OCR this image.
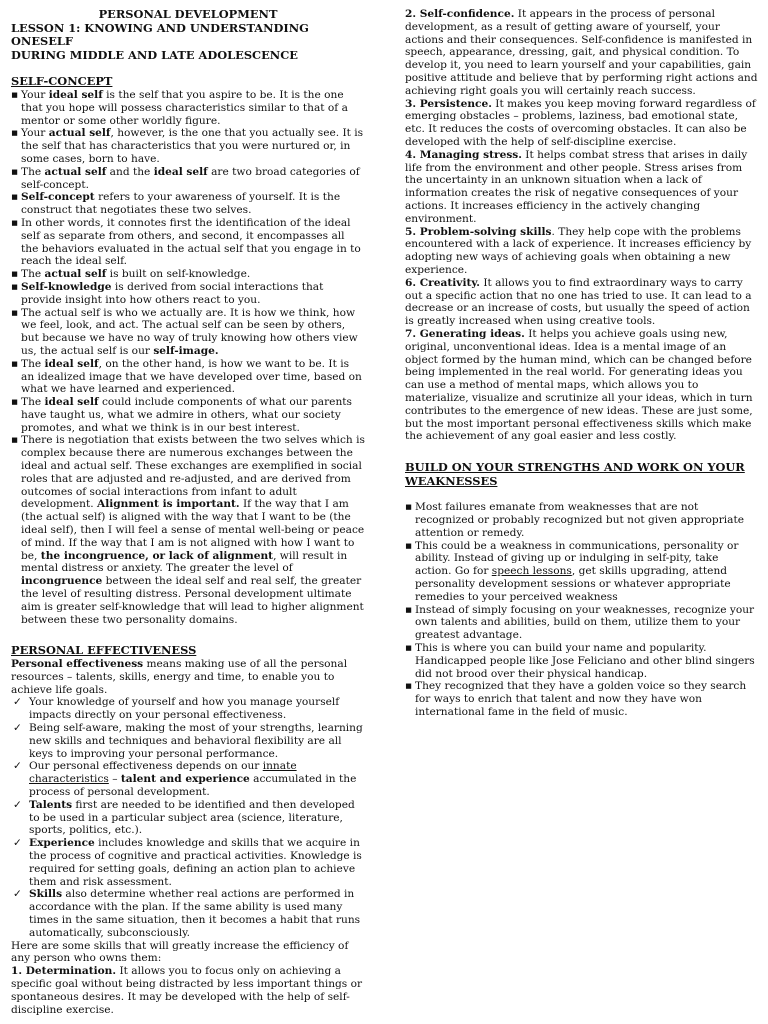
PERSONAL DEVELOPMENT

LESSON 1: KNOWING AND UNDERSTANDING ONESELF

DURING MIDDLE AND LATE ADOLESCENCE

SELF-CONCEPT

▪ Your ideal self is the self that you aspire to be. It is the one that you hope will possess characteristics similar to that of a mentor or some other worldly figure.
▪ Your actual self, however, is the one that you actually see. It is the self that has characteristics that you were nurtured or, in some cases, born to have.
▪ The actual self and the ideal self are two broad categories of self-concept.
▪ Self-concept refers to your awareness of yourself. It is the construct that negotiates these two selves.
▪ In other words, it connotes first the identification of the ideal self as separate from others, and second, it encompasses all the behaviors evaluated in the actual self that you engage in to reach the ideal self.
▪ The actual self is built on self-knowledge.
▪ Self-knowledge is derived from social interactions that provide insight into how others react to you.
▪ The actual self is who we actually are. It is how we think, how we feel, look, and act. The actual self can be seen by others, but because we have no way of truly knowing how others view us, the actual self is our self-image.
▪ The ideal self, on the other hand, is how we want to be. It is an idealized image that we have developed over time, based on what we have learned and experienced.
▪ The ideal self could include components of what our parents have taught us, what we admire in others, what our society promotes, and what we think is in our best interest.
▪ There is negotiation that exists between the two selves which is complex because there are numerous exchanges between the ideal and actual self. These exchanges are exemplified in social roles that are adjusted and re-adjusted, and are derived from outcomes of social interactions from infant to adult development. Alignment is important. If the way that I am (the actual self) is aligned with the way that I want to be (the ideal self), then I will feel a sense of mental well-being or peace of mind. If the way that I am is not aligned with how I want to be, the incongruence, or lack of alignment, will result in mental distress or anxiety. The greater the level of incongruence between the ideal self and real self, the greater the level of resulting distress. Personal development ultimate aim is greater self-knowledge that will lead to higher alignment between these two personality domains.

PERSONAL EFFECTIVENESS

Personal effectiveness means making use of all the personal resources – talents, skills, energy and time, to enable you to achieve life goals.

✓ Your knowledge of yourself and how you manage yourself impacts directly on your personal effectiveness.
✓ Being self-aware, making the most of your strengths, learning new skills and techniques and behavioral flexibility are all keys to improving your personal performance.
✓ Our personal effectiveness depends on our innate characteristics – talent and experience accumulated in the process of personal development.
✓ Talents first are needed to be identified and then developed to be used in a particular subject area (science, literature, sports, politics, etc.).
✓ Experience includes knowledge and skills that we acquire in the process of cognitive and practical activities. Knowledge is required for setting goals, defining an action plan to achieve them and risk assessment.
✓ Skills also determine whether real actions are performed in accordance with the plan. If the same ability is used many times in the same situation, then it becomes a habit that runs automatically, subconsciously.

Here are some skills that will greatly increase the efficiency of any person who owns them:

1. Determination. It allows you to focus only on achieving a specific goal without being distracted by less important things or spontaneous desires. It may be developed with the help of self-discipline exercise.

2. Self-confidence. It appears in the process of personal development, as a result of getting aware of yourself, your actions and their consequences. Self-confidence is manifested in speech, appearance, dressing, gait, and physical condition. To develop it, you need to learn yourself and your capabilities, gain positive attitude and believe that by performing right actions and achieving right goals you will certainly reach success.

3. Persistence. It makes you keep moving forward regardless of emerging obstacles – problems, laziness, bad emotional state, etc. It reduces the costs of overcoming obstacles. It can also be developed with the help of self-discipline exercise.

4. Managing stress. It helps combat stress that arises in daily life from the environment and other people. Stress arises from the uncertainty in an unknown situation when a lack of information creates the risk of negative consequences of your actions. It increases efficiency in the actively changing environment.

5. Problem-solving skills. They help cope with the problems encountered with a lack of experience. It increases efficiency by adopting new ways of achieving goals when obtaining a new experience.

6. Creativity. It allows you to find extraordinary ways to carry out a specific action that no one has tried to use. It can lead to a decrease or an increase of costs, but usually the speed of action is greatly increased when using creative tools.

7. Generating ideas. It helps you achieve goals using new, original, unconventional ideas. Idea is a mental image of an object formed by the human mind, which can be changed before being implemented in the real world. For generating ideas you can use a method of mental maps, which allows you to materialize, visualize and scrutinize all your ideas, which in turn contributes to the emergence of new ideas. These are just some, but the most important personal effectiveness skills which make the achievement of any goal easier and less costly.

BUILD ON YOUR STRENGTHS AND WORK ON YOUR WEAKNESSES

▪ Most failures emanate from weaknesses that are not recognized or probably recognized but not given appropriate attention or remedy.
▪ This could be a weakness in communications, personality or ability. Instead of giving up or indulging in self-pity, take action. Go for speech lessons, get skills upgrading, attend personality development sessions or whatever appropriate remedies to your perceived weakness
▪ Instead of simply focusing on your weaknesses, recognize your own talents and abilities, build on them, utilize them to your greatest advantage.
▪ This is where you can build your name and popularity. Handicapped people like Jose Feliciano and other blind singers did not brood over their physical handicap.
▪ They recognized that they have a golden voice so they search for ways to enrich that talent and now they have won international fame in the field of music.
